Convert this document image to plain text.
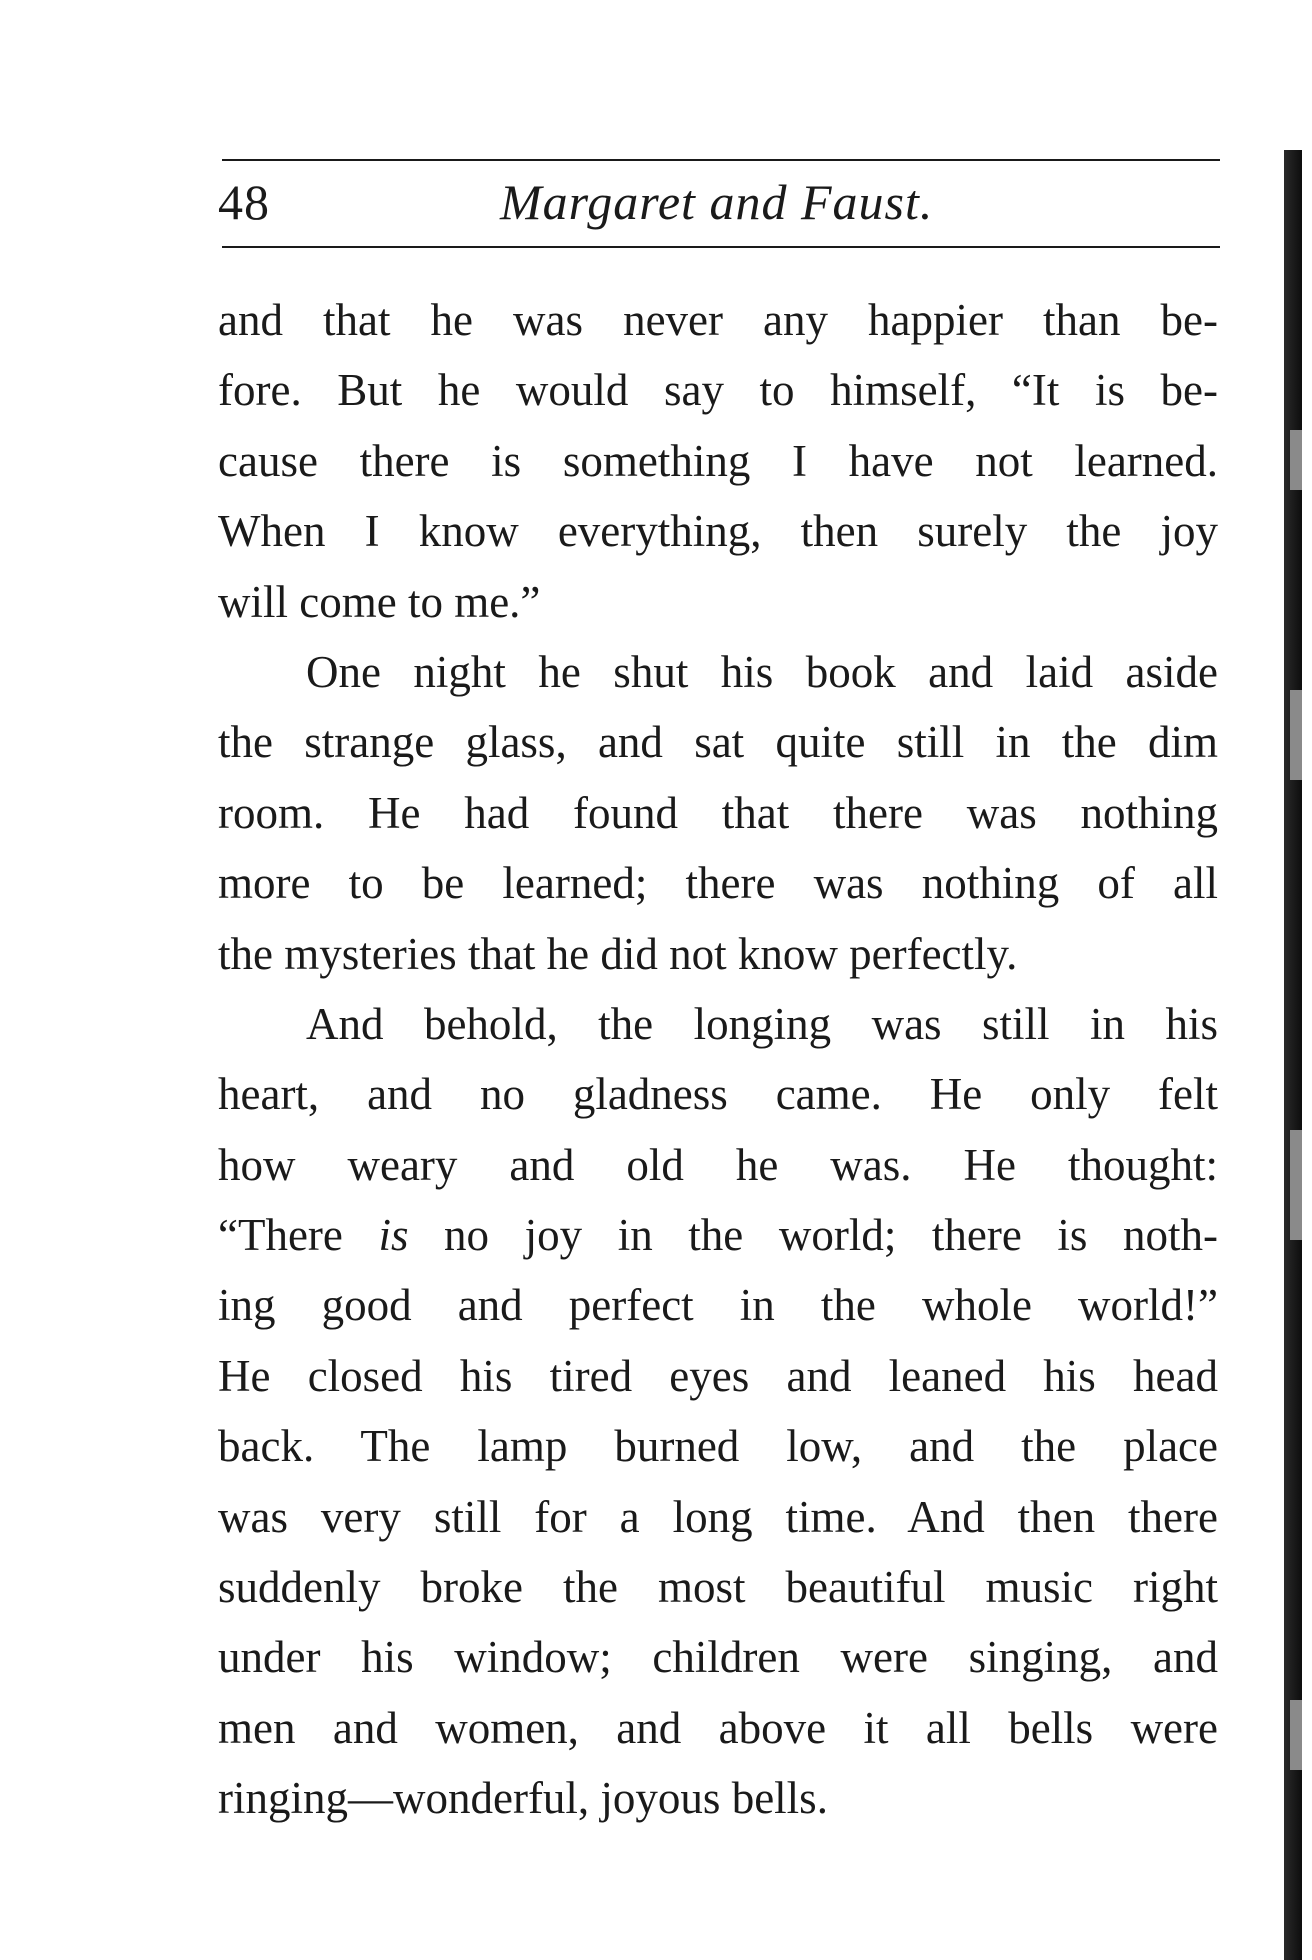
48	Margaret and Faust.
and that he was never any happier than be-
fore. But he would say to himself, “It is be-
cause there is something I have not learned.
When I know everything, then surely the joy
will come to me.”
One night he shut his book and laid aside
the strange glass, and sat quite still in the dim
room. He had found that there was nothing
more to be learned; there was nothing of all
the mysteries that he did not know perfectly.
And behold, the longing was still in his
heart, and no gladness came. He only felt
how weary and old he was. He thought:
“There is no joy in the world; there is noth-
ing good and perfect in the whole world!”
He closed his tired eyes and leaned his head
back. The lamp burned low, and the place
was very still for a long time. And then there
suddenly broke the most beautiful music right
under his window; children were singing, and
men and women, and above it all bells were
ringing—wonderful, joyous bells.
